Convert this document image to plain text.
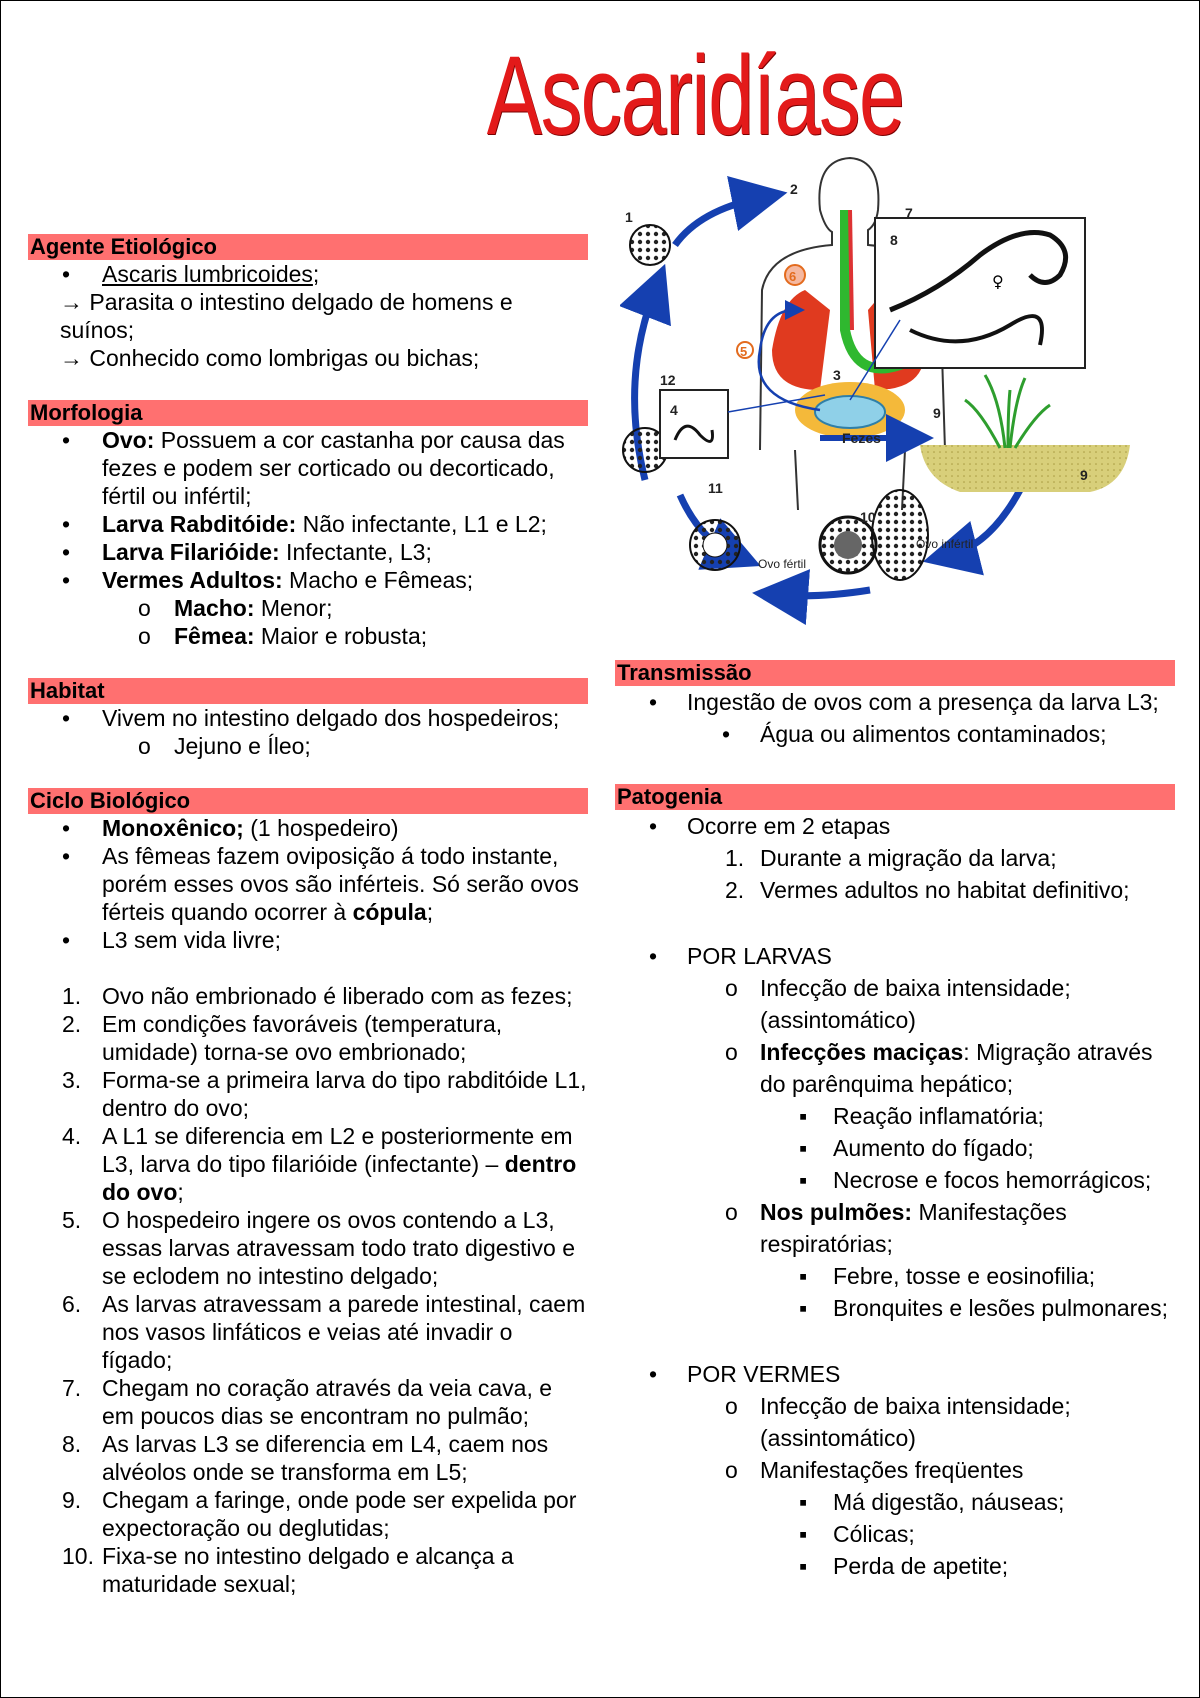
Ascaridíase
Agente Etiológico
• Ascaris lumbricoides;
→ Parasita o intestino delgado de homens e suínos;
→ Conhecido como lombrigas ou bichas;
Morfologia
• Ovo: Possuem a cor castanha por causa das fezes e podem ser corticado ou decorticado, fértil ou infértil;
• Larva Rabditóide: Não infectante, L1 e L2;
• Larva Filarióide: Infectante, L3;
• Vermes Adultos: Macho e Fêmeas;
o Macho: Menor;
o Fêmea: Maior e robusta;
Habitat
• Vivem no intestino delgado dos hospedeiros;
o Jejuno e Íleo;
Ciclo Biológico
• Monoxênico; (1 hospedeiro)
• As fêmeas fazem oviposição á todo instante, porém esses ovos são inférteis. Só serão ovos férteis quando ocorrer à cópula;
• L3 sem vida livre;
1. Ovo não embrionado é liberado com as fezes;
2. Em condições favoráveis (temperatura, umidade) torna-se ovo embrionado;
3. Forma-se a primeira larva do tipo rabditóide L1, dentro do ovo;
4. A L1 se diferencia em L2 e posteriormente em L3, larva do tipo filarióide (infectante) – dentro do ovo;
5. O hospedeiro ingere os ovos contendo a L3, essas larvas atravessam todo trato digestivo e se eclodem no intestino delgado;
6. As larvas atravessam a parede intestinal, caem nos vasos linfáticos e veias até invadir o fígado;
7. Chegam no coração através da veia cava, e em poucos dias se encontram no pulmão;
8. As larvas L3 se diferencia em L4, caem nos alvéolos onde se transforma em L5;
9. Chegam a faringe, onde pode ser expelida por expectoração ou deglutidas;
10. Fixa-se no intestino delgado e alcança a maturidade sexual;
Transmissão
• Ingestão de ovos com a presença da larva L3;
• Água ou alimentos contaminados;
Patogenia
• Ocorre em 2 etapas
1. Durante a migração da larva;
2. Vermes adultos no habitat definitivo;
• POR LARVAS
o Infecção de baixa intensidade; (assintomático)
o Infecções maciças: Migração através do parênquima hepático;
▪ Reação inflamatória;
▪ Aumento do fígado;
▪ Necrose e focos hemorrágicos;
o Nos pulmões: Manifestações respiratórias;
▪ Febre, tosse e eosinofilia;
▪ Bronquites e lesões pulmonares;
• POR VERMES
o Infecção de baixa intensidade; (assintomático)
o Manifestações freqüentes
▪ Má digestão, náuseas;
▪ Cólicas;
▪ Perda de apetite;
5
6	♀
Fezes
Ovo fértil
Ovo infértil
1
2
3
4
7
8
9
9
10
11
12
